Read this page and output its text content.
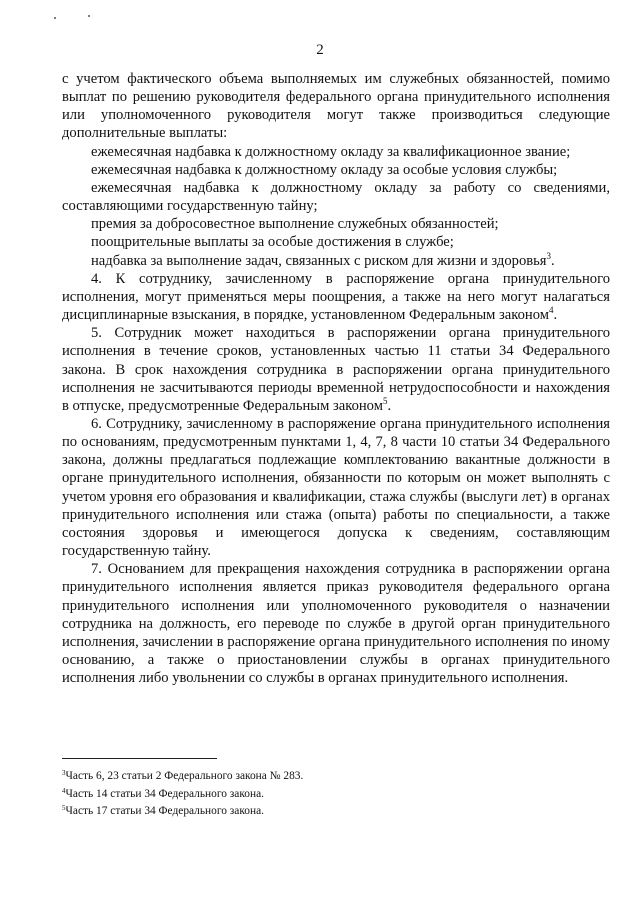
2

с учетом фактического объема выполняемых им служебных обязанностей, помимо выплат по решению руководителя федерального органа принудительного исполнения или уполномоченного руководителя могут также производиться следующие дополнительные выплаты:

ежемесячная надбавка к должностному окладу за квалификационное звание;

ежемесячная надбавка к должностному окладу за особые условия службы;

ежемесячная надбавка к должностному окладу за работу со сведениями, составляющими государственную тайну;

премия за добросовестное выполнение служебных обязанностей;

поощрительные выплаты за особые достижения в службе;

надбавка за выполнение задач, связанных с риском для жизни и здоровья$^3$.

4. К сотруднику, зачисленному в распоряжение органа принудительного исполнения, могут применяться меры поощрения, а также на него могут налагаться дисциплинарные взыскания, в порядке, установленном Федеральным законом$^4$.

5. Сотрудник может находиться в распоряжении органа принудительного исполнения в течение сроков, установленных частью 11 статьи 34 Федерального закона. В срок нахождения сотрудника в распоряжении органа принудительного исполнения не засчитываются периоды временной нетрудоспособности и нахождения в отпуске, предусмотренные Федеральным законом$^5$.

6. Сотруднику, зачисленному в распоряжение органа принудительного исполнения по основаниям, предусмотренным пунктами 1, 4, 7, 8 части 10 статьи 34 Федерального закона, должны предлагаться подлежащие комплектованию вакантные должности в органе принудительного исполнения, обязанности по которым он может выполнять с учетом уровня его образования и квалификации, стажа службы (выслуги лет) в органах принудительного исполнения или стажа (опыта) работы по специальности, а также состояния здоровья и имеющегося допуска к сведениям, составляющим государственную тайну.

7. Основанием для прекращения нахождения сотрудника в распоряжении органа принудительного исполнения является приказ руководителя федерального органа принудительного исполнения или уполномоченного руководителя о назначении сотрудника на должность, его переводе по службе в другой орган принудительного исполнения, зачислении в распоряжение органа принудительного исполнения по иному основанию, а также о приостановлении службы в органах принудительного исполнения либо увольнении со службы в органах принудительного исполнения.

$^3$Часть 6, 23 статьи 2 Федерального закона № 283.
$^4$Часть 14 статьи 34 Федерального закона.
$^5$Часть 17 статьи 34 Федерального закона.
